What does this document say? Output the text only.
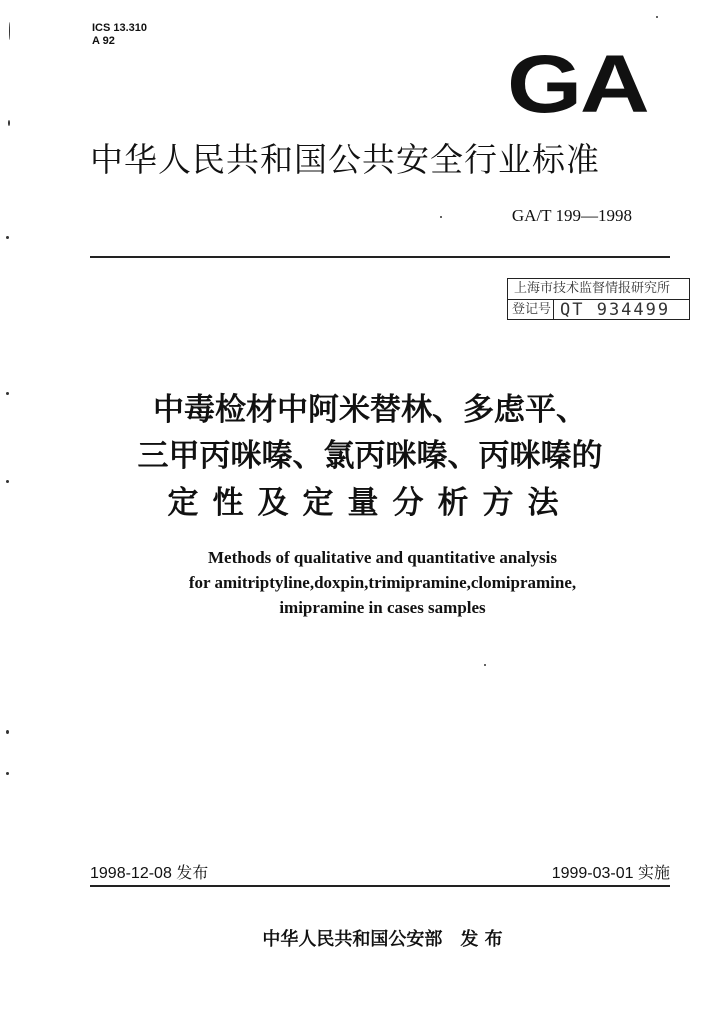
ICS 13.310
A 92	GA
中华人民共和国公共安全行业标准
GA/T 199—1998
上海市技术监督情报研究所
登记号 QT 934499
中毒检材中阿米替林、多虑平、
三甲丙咪嗪、氯丙咪嗪、丙咪嗪的
定性及定量分析方法
Methods of qualitative and quantitative analysis
for amitriptyline,doxpin,trimipramine,clomipramine,
imipramine in cases samples
1998-12-08 发布	1999-03-01 实施
中华人民共和国公安部　发 布
